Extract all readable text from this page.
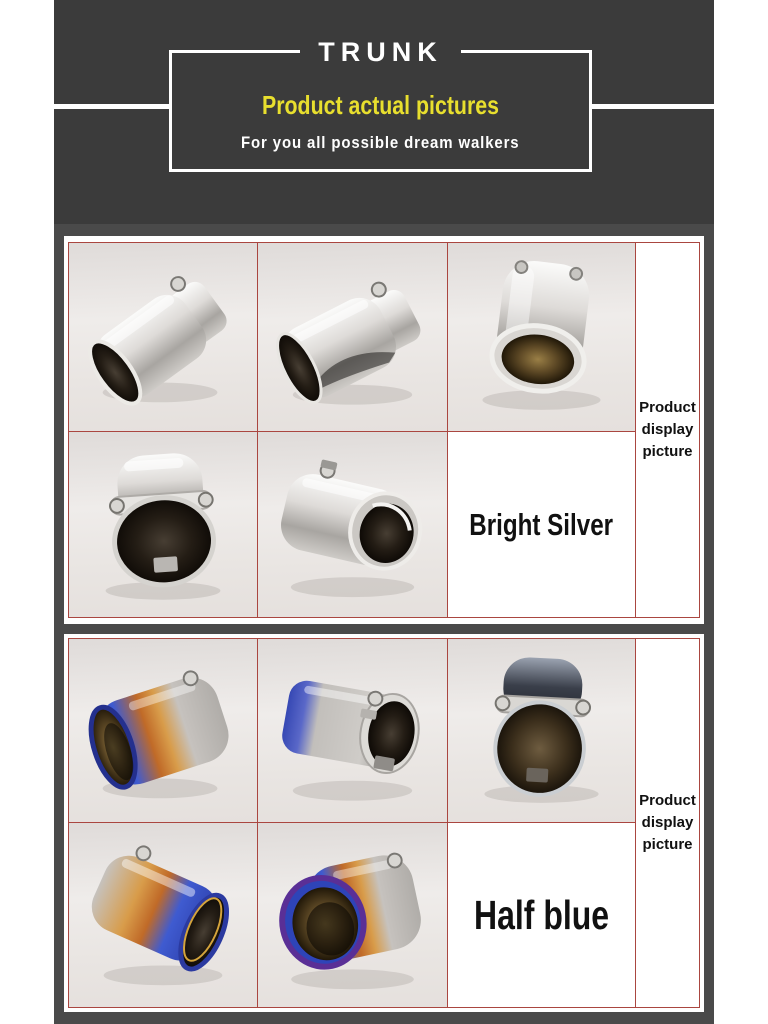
TRUNK
Product actual pictures
For you all possible dream walkers
Product display picture
Bright Silver
Product display picture
Half blue
